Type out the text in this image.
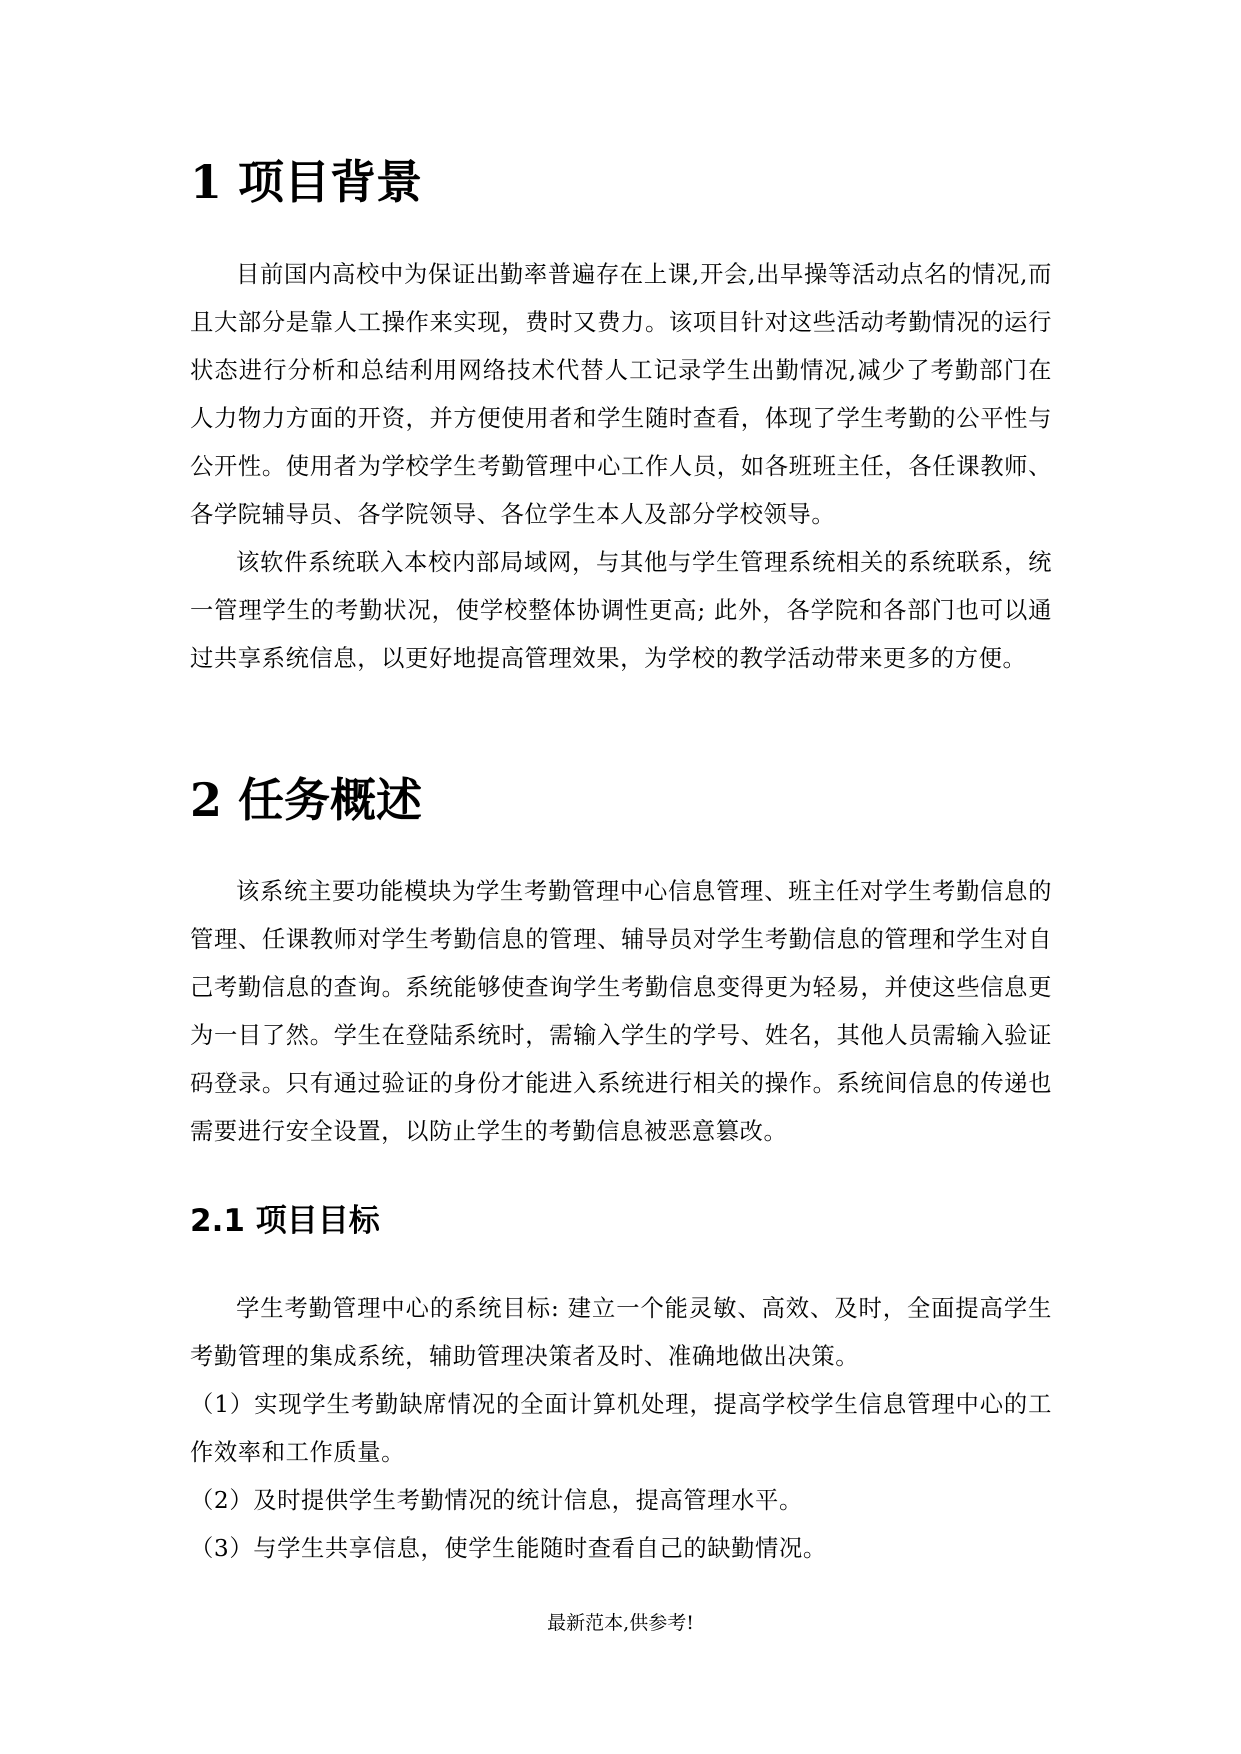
1 项目背景

目前国内高校中为保证出勤率普遍存在上课,开会,出早操等活动点名的情况,而且大部分是靠人工操作来实现，费时又费力。该项目针对这些活动考勤情况的运行状态进行分析和总结利用网络技术代替人工记录学生出勤情况,减少了考勤部门在人力物力方面的开资，并方便使用者和学生随时查看，体现了学生考勤的公平性与公开性。使用者为学校学生考勤管理中心工作人员，如各班班主任，各任课教师、各学院辅导员、各学院领导、各位学生本人及部分学校领导。

该软件系统联入本校内部局域网，与其他与学生管理系统相关的系统联系，统一管理学生的考勤状况，使学校整体协调性更高; 此外，各学院和各部门也可以通过共享系统信息，以更好地提高管理效果，为学校的教学活动带来更多的方便。

2 任务概述

该系统主要功能模块为学生考勤管理中心信息管理、班主任对学生考勤信息的管理、任课教师对学生考勤信息的管理、辅导员对学生考勤信息的管理和学生对自己考勤信息的查询。系统能够使查询学生考勤信息变得更为轻易，并使这些信息更为一目了然。学生在登陆系统时，需输入学生的学号、姓名，其他人员需输入验证码登录。只有通过验证的身份才能进入系统进行相关的操作。系统间信息的传递也需要进行安全设置，以防止学生的考勤信息被恶意篡改。

2.1 项目目标

学生考勤管理中心的系统目标: 建立一个能灵敏、高效、及时，全面提高学生考勤管理的集成系统，辅助管理决策者及时、准确地做出决策。

（1）实现学生考勤缺席情况的全面计算机处理，提高学校学生信息管理中心的工作效率和工作质量。

（2）及时提供学生考勤情况的统计信息，提高管理水平。

（3）与学生共享信息，使学生能随时查看自己的缺勤情况。

最新范本,供参考!
